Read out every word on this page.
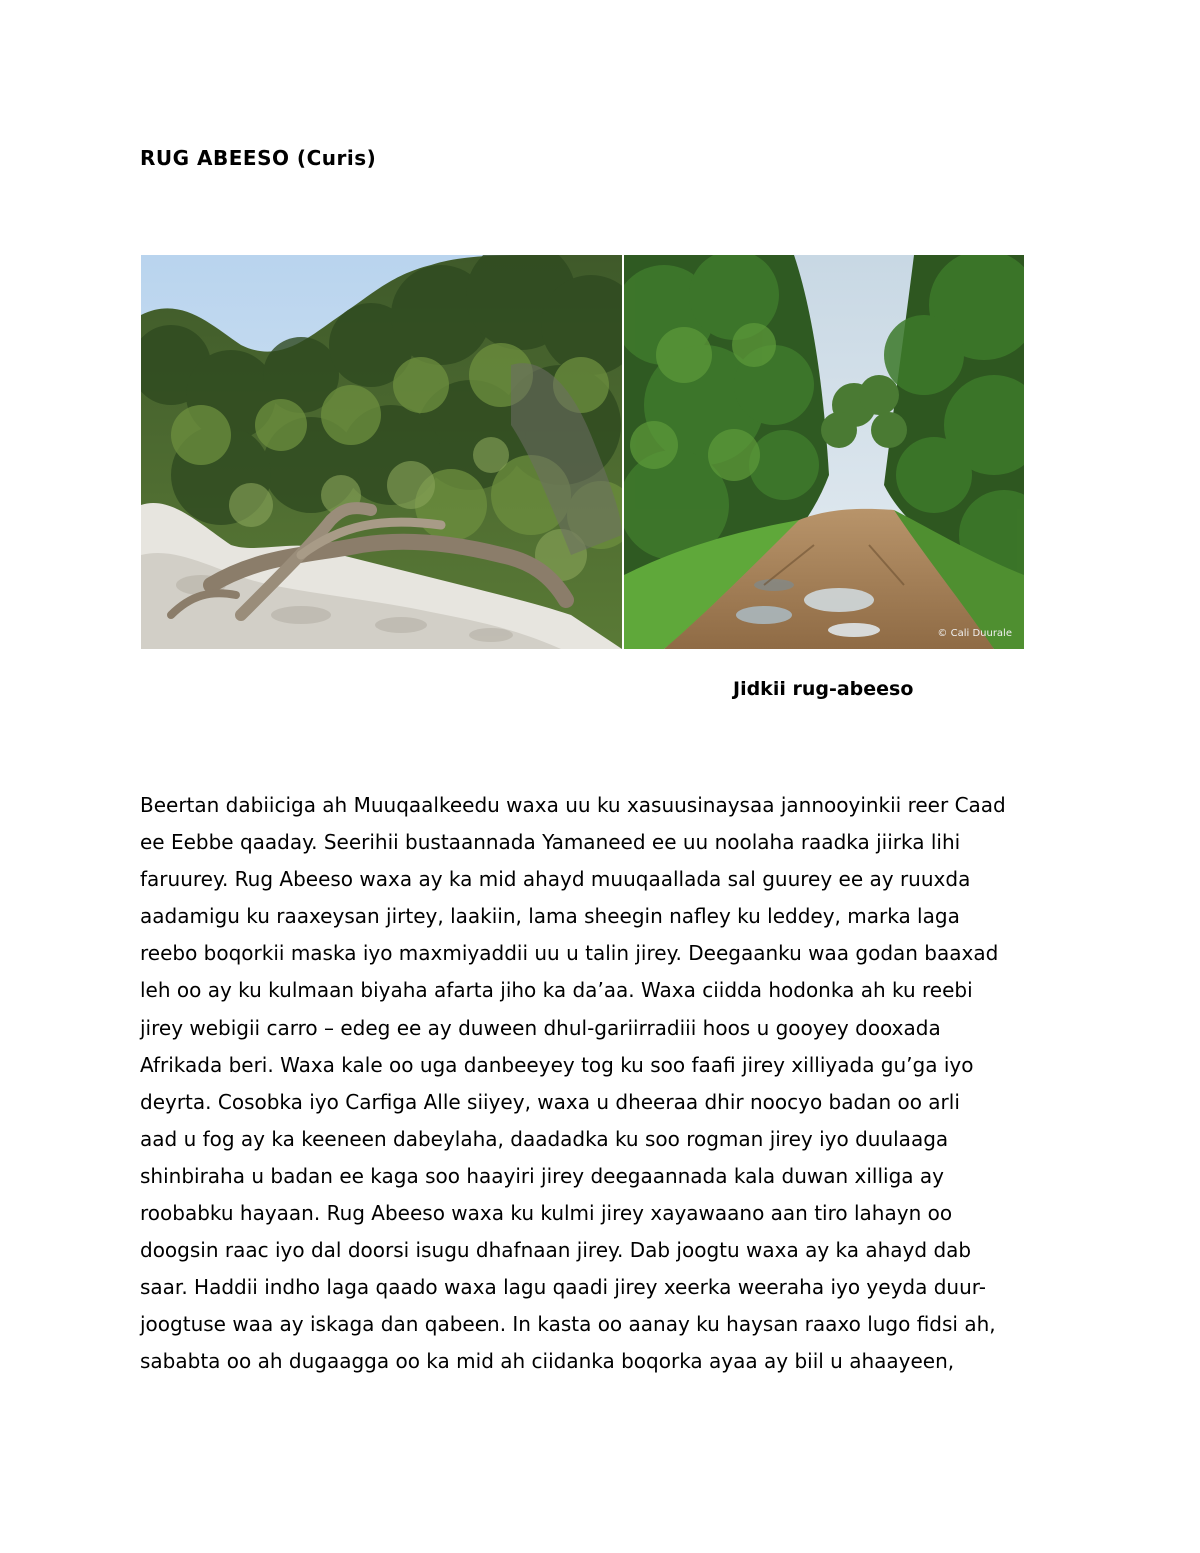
RUG ABEESO (Curis)
© Cali Duurale
Jidkii rug-abeeso
Beertan dabiiciga ah Muuqaalkeedu waxa uu ku xasuusinaysaa jannooyinkii reer Caad
ee Eebbe qaaday. Seerihii bustaannada Yamaneed ee uu noolaha raadka jiirka lihi
faruurey. Rug Abeeso waxa ay ka mid ahayd muuqaallada sal guurey ee ay ruuxda
aadamigu ku raaxeysan jirtey, laakiin, lama sheegin nafley ku leddey, marka laga
reebo boqorkii maska iyo maxmiyaddii uu u talin jirey. Deegaanku waa godan baaxad
leh oo ay ku kulmaan biyaha afarta jiho ka da’aa. Waxa ciidda hodonka ah ku reebi
jirey webigii carro – edeg ee ay duween dhul-gariirradiii hoos u gooyey dooxada
Afrikada beri. Waxa kale oo uga danbeeyey tog ku soo faafi jirey xilliyada gu’ga iyo
deyrta. Cosobka iyo Carfiga Alle siiyey, waxa u dheeraa dhir noocyo badan oo arli
aad u fog ay ka keeneen dabeylaha, daadadka ku soo rogman jirey iyo duulaaga
shinbiraha u badan ee kaga soo haayiri jirey deegaannada kala duwan xilliga ay
roobabku hayaan. Rug Abeeso waxa ku kulmi jirey xayawaano aan tiro lahayn oo
doogsin raac iyo dal doorsi isugu dhafnaan jirey. Dab joogtu waxa ay ka ahayd dab
saar. Haddii indho laga qaado waxa lagu qaadi jirey xeerka weeraha iyo yeyda duur-
joogtuse waa ay iskaga dan qabeen. In kasta oo aanay ku haysan raaxo lugo fidsi ah,
sababta oo ah dugaagga oo ka mid ah ciidanka boqorka ayaa ay biil u ahaayeen,
